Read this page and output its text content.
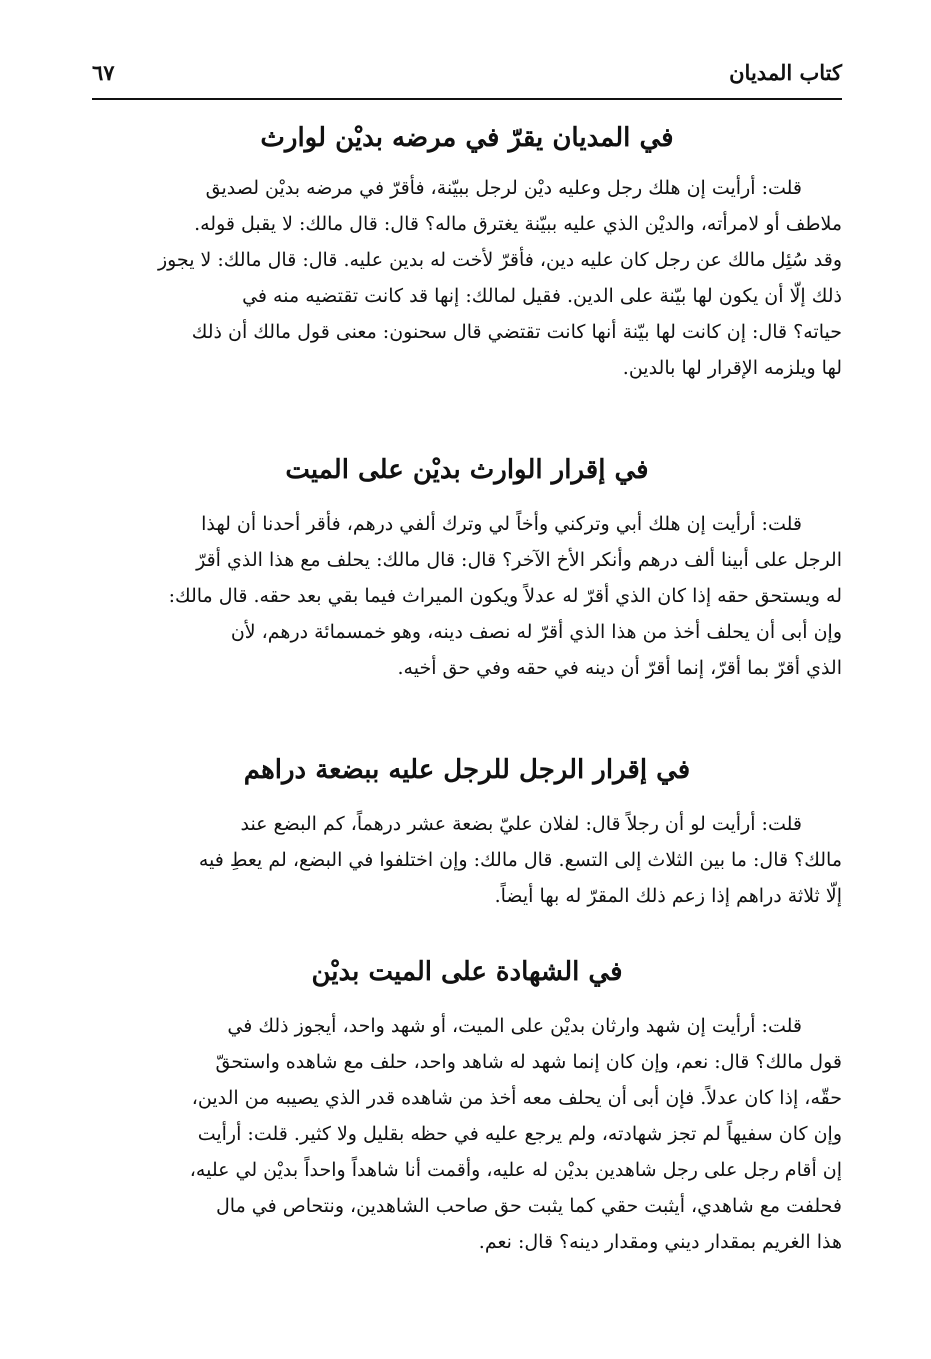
كتاب المديان
٦٧
في المديان يقرّ في مرضه بديْن لوارث
قلت: أرأيت إن هلك رجل وعليه ديْن لرجل ببيّنة، فأقرّ في مرضه بديْن لصديق
ملاطف أو لامرأته، والديْن الذي عليه ببيّنة يغترق ماله؟ قال: قال مالك: لا يقبل قوله.
وقد سُئِل مالك عن رجل كان عليه دين، فأقرّ لأخت له بدين عليه. قال: قال مالك: لا يجوز
ذلك إلّا أن يكون لها بيّنة على الدين. فقيل لمالك: إنها قد كانت تقتضيه منه في
حياته؟ قال: إن كانت لها بيّنة أنها كانت تقتضي قال سحنون: معنى قول مالك أن ذلك
لها ويلزمه الإقرار لها بالدين.
في إقرار الوارث بديْن على الميت
قلت: أرأيت إن هلك أبي وتركني وأخاً لي وترك ألفي درهم، فأقر أحدنا أن لهذا
الرجل على أبينا ألف درهم وأنكر الأخ الآخر؟ قال: قال مالك: يحلف مع هذا الذي أقرّ
له ويستحق حقه إذا كان الذي أقرّ له عدلاً ويكون الميراث فيما بقي بعد حقه. قال مالك:
وإن أبى أن يحلف أخذ من هذا الذي أقرّ له نصف دينه، وهو خمسمائة درهم، لأن
الذي أقرّ بما أقرّ، إنما أقرّ أن دينه في حقه وفي حق أخيه.
في إقرار الرجل للرجل عليه ببضعة دراهم
قلت: أرأيت لو أن رجلاً قال: لفلان عليّ بضعة عشر درهماً، كم البضع عند
مالك؟ قال: ما بين الثلاث إلى التسع. قال مالك: وإن اختلفوا في البضع، لم يعطِ فيه
إلّا ثلاثة دراهم إذا زعم ذلك المقرّ له بها أيضاً.
في الشهادة على الميت بديْن
قلت: أرأيت إن شهد وارثان بديْن على الميت، أو شهد واحد، أيجوز ذلك في
قول مالك؟ قال: نعم، وإن كان إنما شهد له شاهد واحد، حلف مع شاهده واستحقّ
حقّه، إذا كان عدلاً. فإن أبى أن يحلف معه أخذ من شاهده قدر الذي يصيبه من الدين،
وإن كان سفيهاً لم تجز شهادته، ولم يرجع عليه في حظه بقليل ولا كثير. قلت: أرأيت
إن أقام رجل على رجل شاهدين بديْن له عليه، وأقمت أنا شاهداً واحداً بديْن لي عليه،
فحلفت مع شاهدي، أيثبت حقي كما يثبت حق صاحب الشاهدين، ونتحاص في مال
هذا الغريم بمقدار ديني ومقدار دينه؟ قال: نعم.
